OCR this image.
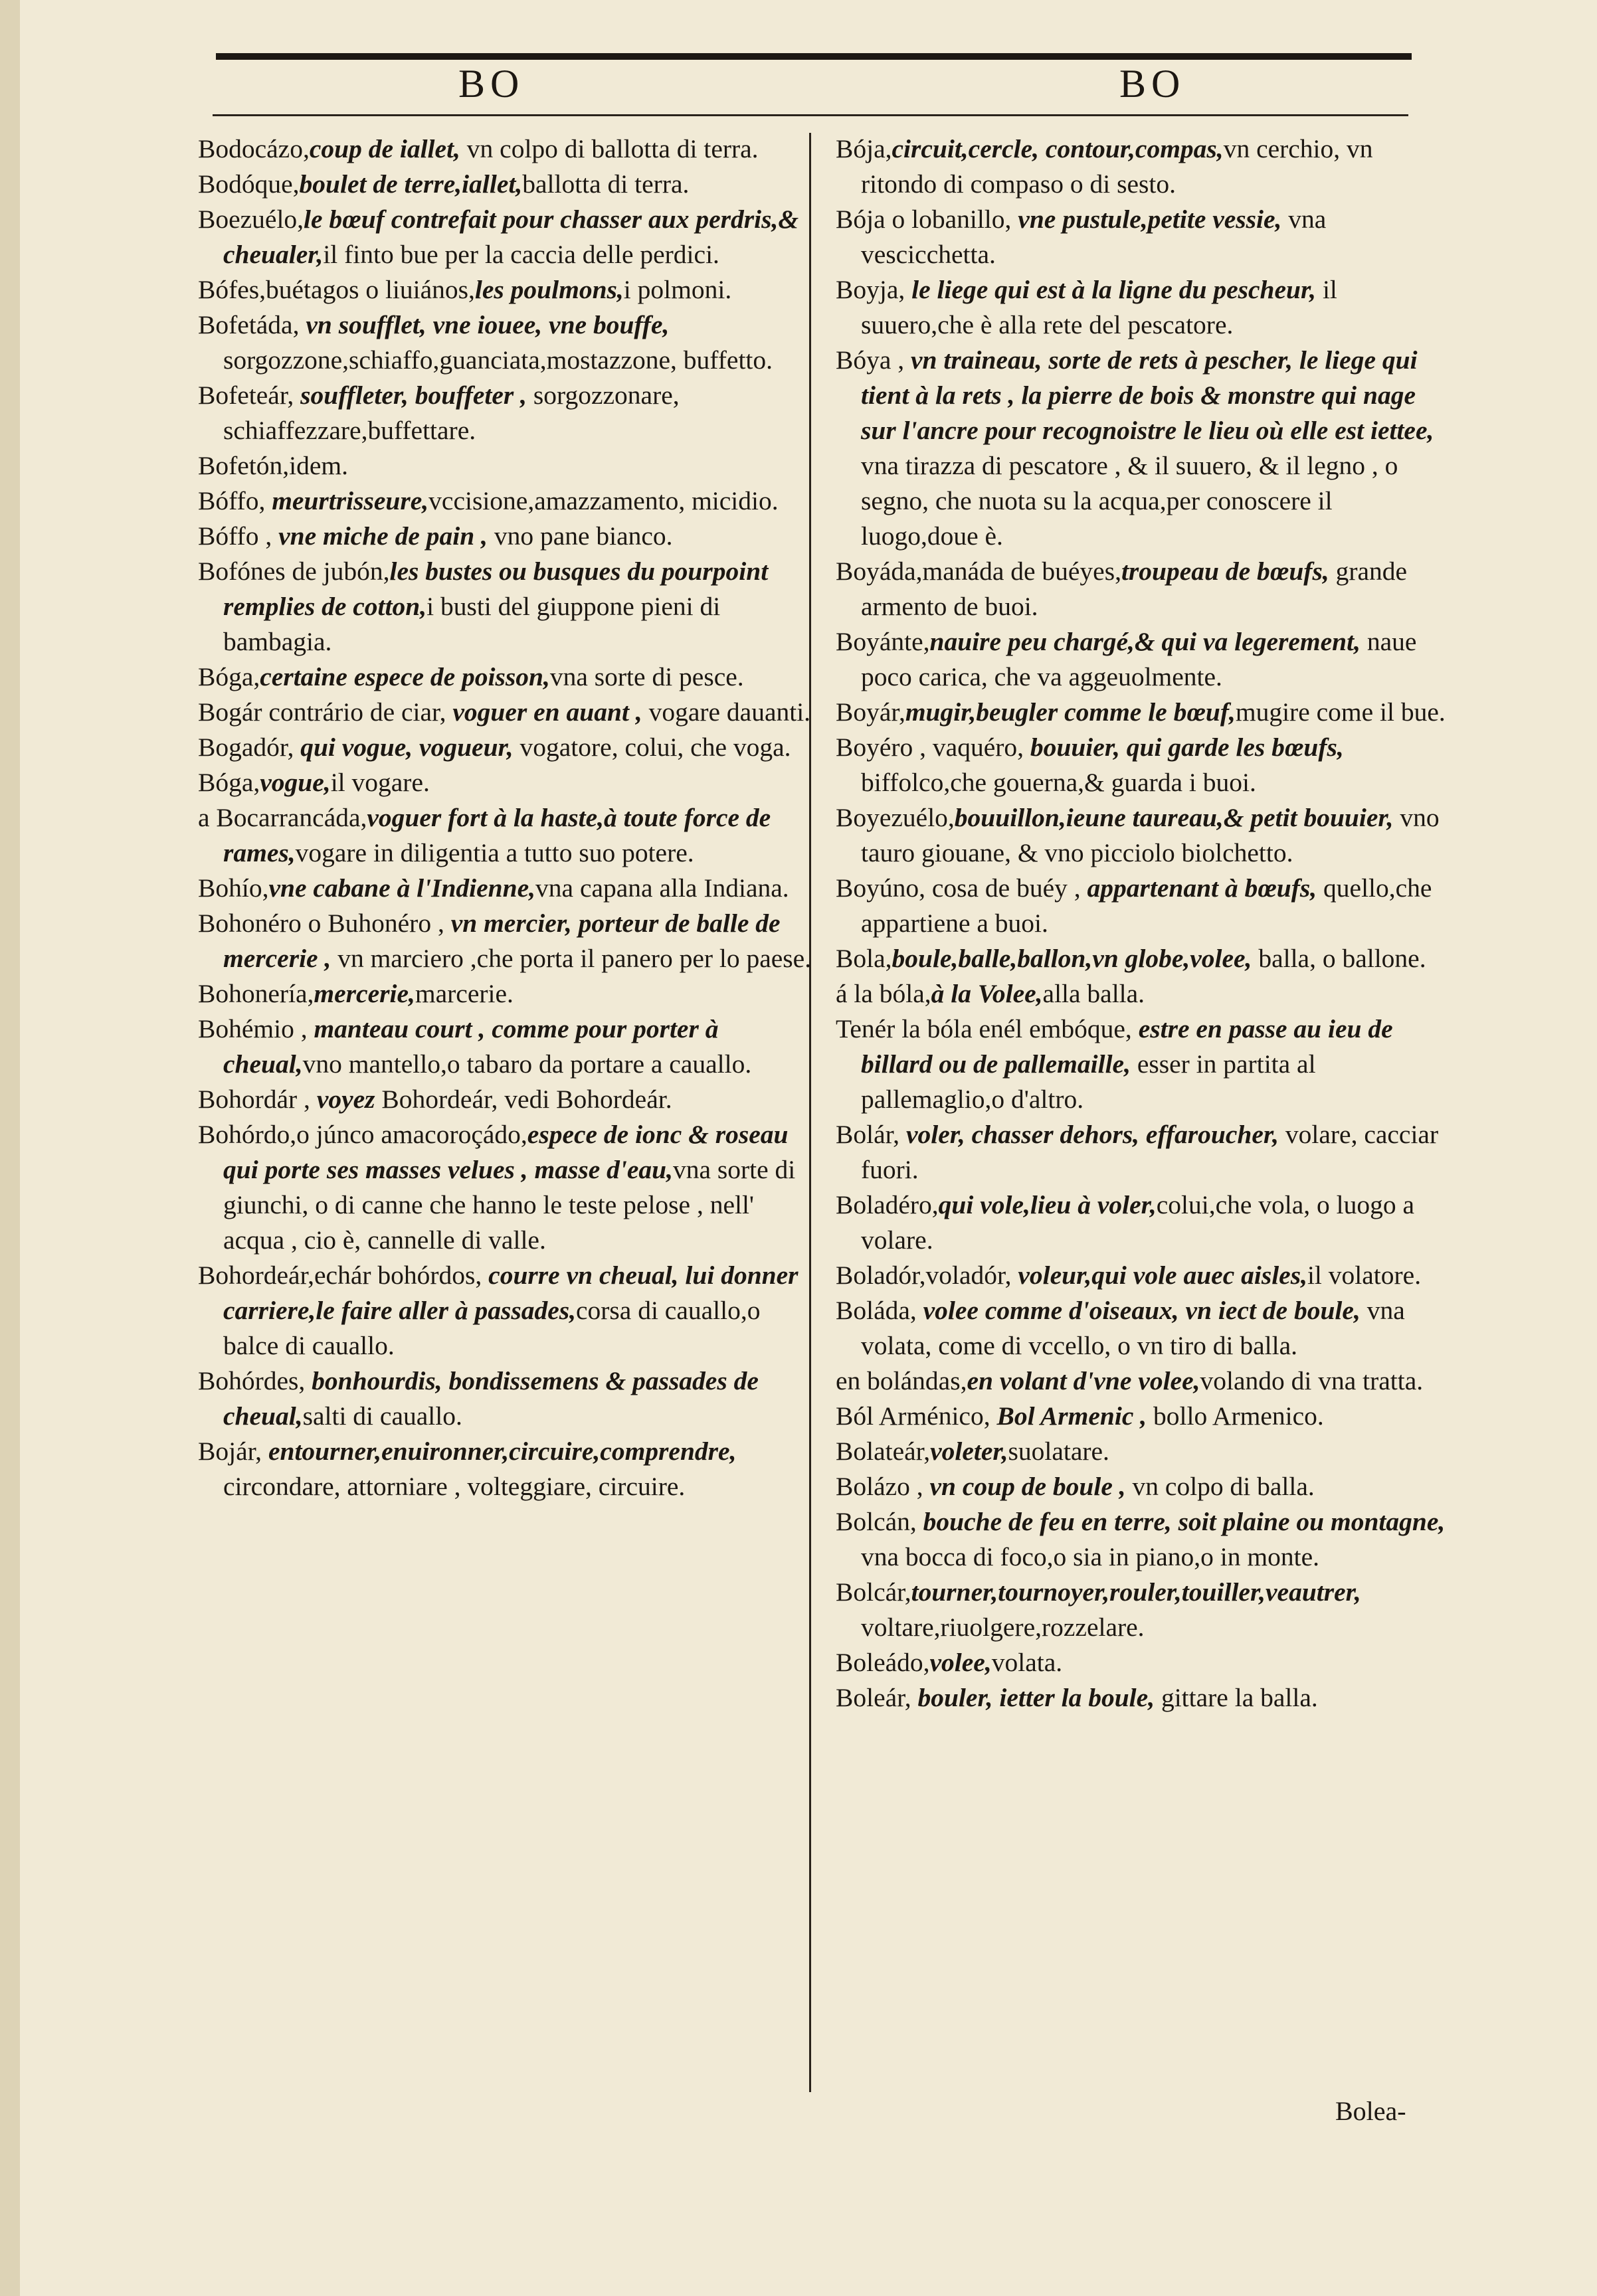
BO	BO

Bodocázo,coup de iallet, vn colpo di ballotta di terra.

Bodóque,boulet de terre,iallet,ballotta di terra.

Boezuélo,le bœuf contrefait pour chasser aux perdris,& cheualer,il finto bue per la caccia delle perdici.

Bófes,buétagos o liuiános,les poulmons,i polmoni.

Bofetáda, vn soufflet, vne iouee, vne bouffe, sorgozzone,schiaffo,guanciata,mostazzone, buffetto.

Bofeteár, souffleter, bouffeter , sorgozzonare, schiaffezzare,buffettare.

Bofetón,idem.

Bóffo, meurtrisseure,vccisione,amazzamento, micidio.

Bóffo , vne miche de pain , vno pane bianco.

Bofónes de jubón,les bustes ou busques du pourpoint remplies de cotton,i busti del giuppone pieni di bambagia.

Bóga,certaine espece de poisson,vna sorte di pesce.

Bogár contrário de ciar, voguer en auant , vogare dauanti.

Bogadór, qui vogue, vogueur, vogatore, colui, che voga.

Bóga,vogue,il vogare.

a Bocarrancáda,voguer fort à la haste,à toute force de rames,vogare in diligentia a tutto suo potere.

Bohío,vne cabane à l'Indienne,vna capana alla Indiana.

Bohonéro o Buhonéro , vn mercier, porteur de balle de mercerie , vn marciero ,che porta il panero per lo paese.

Bohonería,mercerie,marcerie.

Bohémio , manteau court , comme pour porter à cheual,vno mantello,o tabaro da portare a cauallo.

Bohordár , voyez Bohordeár, vedi Bohordeár.

Bohórdo,o júnco amacoroçádo,espece de ionc & roseau qui porte ses masses velues , masse d'eau,vna sorte di giunchi, o di canne che hanno le teste pelose , nell' acqua , cio è, cannelle di valle.

Bohordeár,echár bohórdos, courre vn cheual, lui donner carriere,le faire aller à passades,corsa di cauallo,o balce di cauallo.

Bohórdes, bonhourdis, bondissemens & passades de cheual,salti di cauallo.

Bojár, entourner,enuironner,circuire,comprendre, circondare, attorniare , volteggiare, circuire.

Bója,circuit,cercle, contour,compas,vn cerchio, vn ritondo di compaso o di sesto.

Bója o lobanillo, vne pustule,petite vessie, vna vescicchetta.

Boyja, le liege qui est à la ligne du pescheur, il suuero,che è alla rete del pescatore.

Bóya , vn traineau, sorte de rets à pescher, le liege qui tient à la rets , la pierre de bois & monstre qui nage sur l'ancre pour recognoistre le lieu où elle est iettee, vna tirazza di pescatore , & il suuero, & il legno , o segno, che nuota su la acqua,per conoscere il luogo,doue è.

Boyáda,manáda de buéyes,troupeau de bœufs, grande armento de buoi.

Boyánte,nauire peu chargé,& qui va legerement, naue poco carica, che va aggeuolmente.

Boyár,mugir,beugler comme le bœuf,mugire come il bue.

Boyéro , vaquéro, bouuier, qui garde les bœufs, biffolco,che gouerna,& guarda i buoi.

Boyezuélo,bouuillon,ieune taureau,& petit bouuier, vno tauro giouane, & vno picciolo biolchetto.

Boyúno, cosa de buéy , appartenant à bœufs, quello,che appartiene a buoi.

Bola,boule,balle,ballon,vn globe,volee, balla, o ballone.

á la bóla,à la Volee,alla balla.

Tenér la bóla enél embóque, estre en passe au ieu de billard ou de pallemaille, esser in partita al pallemaglio,o d'altro.

Bolár, voler, chasser dehors, effaroucher, volare, cacciar fuori.

Boladéro,qui vole,lieu à voler,colui,che vola, o luogo a volare.

Boladór,voladór, voleur,qui vole auec aisles,il volatore.

Boláda, volee comme d'oiseaux, vn iect de boule, vna volata, come di vccello, o vn tiro di balla.

en bolándas,en volant d'vne volee,volando di vna tratta.

Ból Arménico, Bol Armenic , bollo Armenico.

Bolateár,voleter,suolatare.

Bolázo , vn coup de boule , vn colpo di balla.

Bolcán, bouche de feu en terre, soit plaine ou montagne, vna bocca di foco,o sia in piano,o in monte.

Bolcár,tourner,tournoyer,rouler,touiller,veautrer, voltare,riuolgere,rozzelare.

Boleádo,volee,volata.

Boleár, bouler, ietter la boule, gittare la balla.

Bolea-
